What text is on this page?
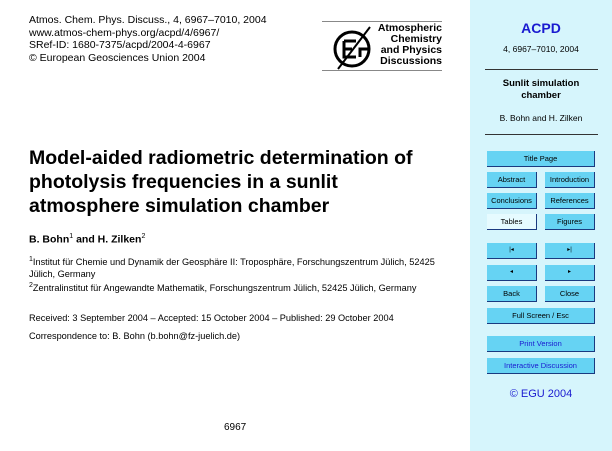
Atmos. Chem. Phys. Discuss., 4, 6967–7010, 2004
www.atmos-chem-phys.org/acpd/4/6967/
SRef-ID: 1680-7375/acpd/2004-4-6967
© European Geosciences Union 2004
Atmospheric
Chemistry
and Physics
Discussions
Model-aided radiometric determination of photolysis frequencies in a sunlit atmosphere simulation chamber
B. Bohn$^1$ and H. Zilken$^2$
$^1$Institut für Chemie und Dynamik der Geosphäre II: Troposphäre, Forschungszentrum Jülich, 52425 Jülich, Germany
$^2$Zentralinstitut für Angewandte Mathematik, Forschungszentrum Jülich, 52425 Jülich, Germany
Received: 3 September 2004 – Accepted: 15 October 2004 – Published: 29 October 2004
Correspondence to: B. Bohn (b.bohn@fz-juelich.de)
6967
ACPD
4, 6967–7010, 2004
Sunlit simulation chamber
B. Bohn and H. Zilken
Title Page
Abstract	Introduction
Conclusions	References
Tables	Figures
|◂	▸|
◂	▸
Back	Close
Full Screen / Esc
Print Version
Interactive Discussion
© EGU 2004
